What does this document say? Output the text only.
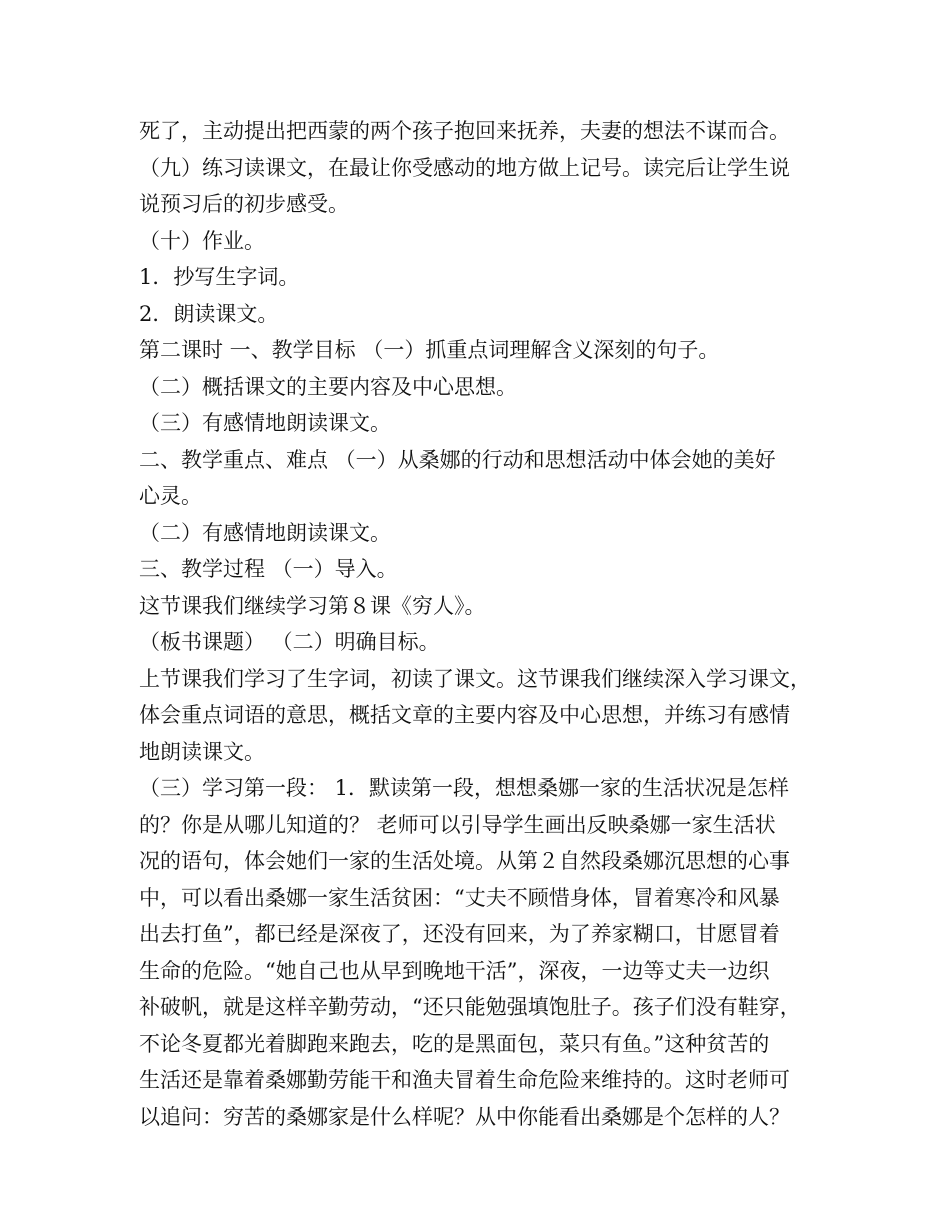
死了，主动提出把西蒙的两个孩子抱回来抚养，夫妻的想法不谋而合。
（九）练习读课文，在最让你受感动的地方做上记号。读完后让学生说
说预习后的初步感受。
（十）作业。
1．抄写生字词。
2．朗读课文。
第二课时 一、教学目标 （一）抓重点词理解含义深刻的句子。
（二）概括课文的主要内容及中心思想。
（三）有感情地朗读课文。
二、教学重点、难点 （一）从桑娜的行动和思想活动中体会她的美好
心灵。
（二）有感情地朗读课文。
三、教学过程 （一）导入。
这节课我们继续学习第８课《穷人》。
（板书课题） （二）明确目标。
上节课我们学习了生字词，初读了课文。这节课我们继续深入学习课文，
体会重点词语的意思，概括文章的主要内容及中心思想，并练习有感情
地朗读课文。
（三）学习第一段： 1．默读第一段，想想桑娜一家的生活状况是怎样
的？你是从哪儿知道的？ 老师可以引导学生画出反映桑娜一家生活状
况的语句，体会她们一家的生活处境。从第２自然段桑娜沉思想的心事
中，可以看出桑娜一家生活贫困：“丈夫不顾惜身体，冒着寒冷和风暴
出去打鱼”，都已经是深夜了，还没有回来，为了养家糊口，甘愿冒着
生命的危险。“她自己也从早到晚地干活”，深夜，一边等丈夫一边织
补破帆，就是这样辛勤劳动，“还只能勉强填饱肚子。孩子们没有鞋穿，
不论冬夏都光着脚跑来跑去，吃的是黑面包，菜只有鱼。”这种贫苦的
生活还是靠着桑娜勤劳能干和渔夫冒着生命危险来维持的。这时老师可
以追问：穷苦的桑娜家是什么样呢？从中你能看出桑娜是个怎样的人？
